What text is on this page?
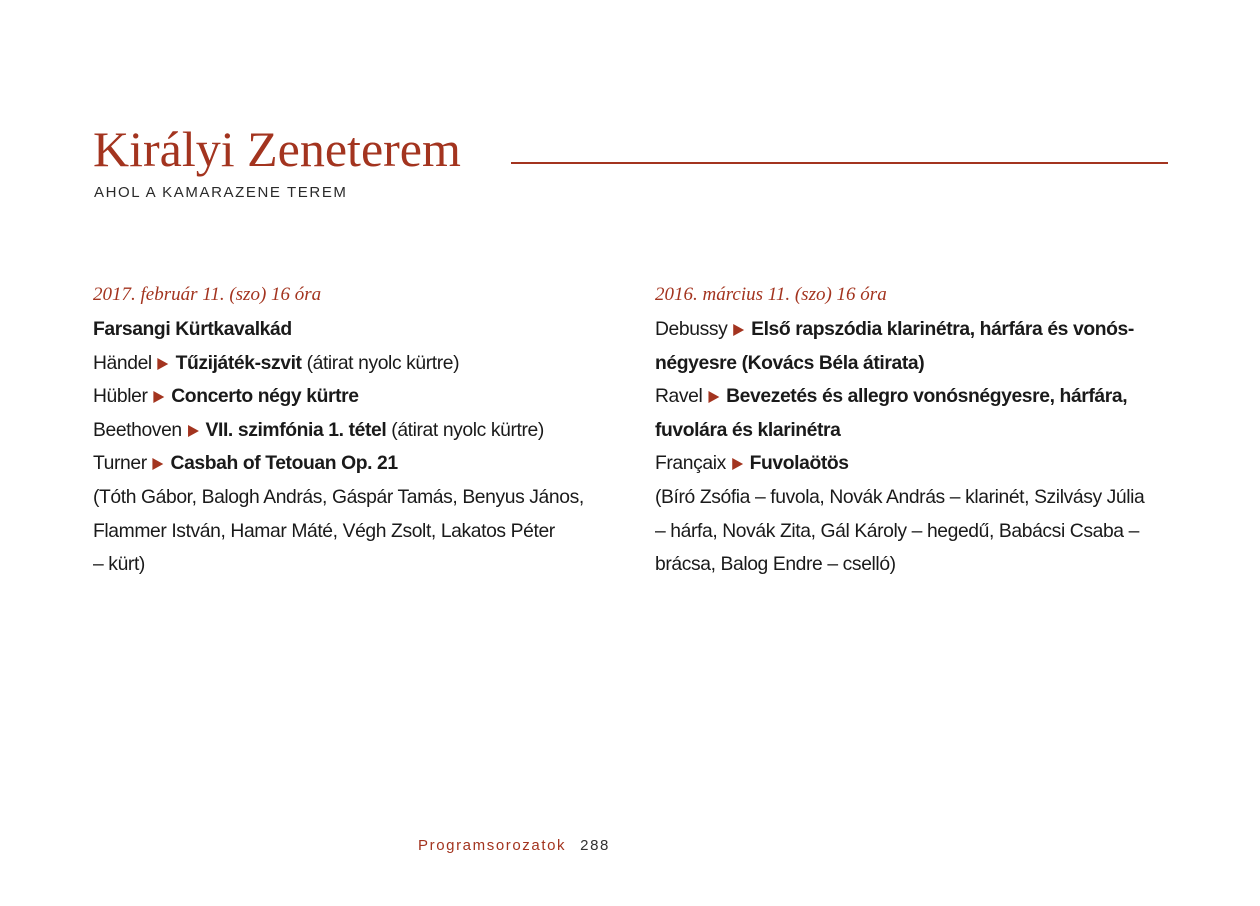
Királyi Zeneterem
AHOL A KAMARAZENE TEREM
2017. február 11. (szo) 16 óra
Farsangi Kürtkavalkád
Händel Tűzijáték-szvit (átirat nyolc kürtre)
Hübler Concerto négy kürtre
Beethoven VII. szimfónia 1. tétel (átirat nyolc kürtre)
Turner Casbah of Tetouan Op. 21
(Tóth Gábor, Balogh András, Gáspár Tamás, Benyus János,
Flammer István, Hamar Máté, Végh Zsolt, Lakatos Péter
– kürt)
2016. március 11. (szo) 16 óra
Debussy Első rapszódia klarinétra, hárfára és vonós-
négyesre (Kovács Béla átirata)
Ravel Bevezetés és allegro vonósnégyesre, hárfára,
fuvolára és klarinétra
Françaix Fuvolaötös
(Bíró Zsófia – fuvola, Novák András – klarinét, Szilvásy Júlia
– hárfa, Novák Zita, Gál Károly – hegedű, Babácsi Csaba –
brácsa, Balog Endre – cselló)
Programsorozatok 288
